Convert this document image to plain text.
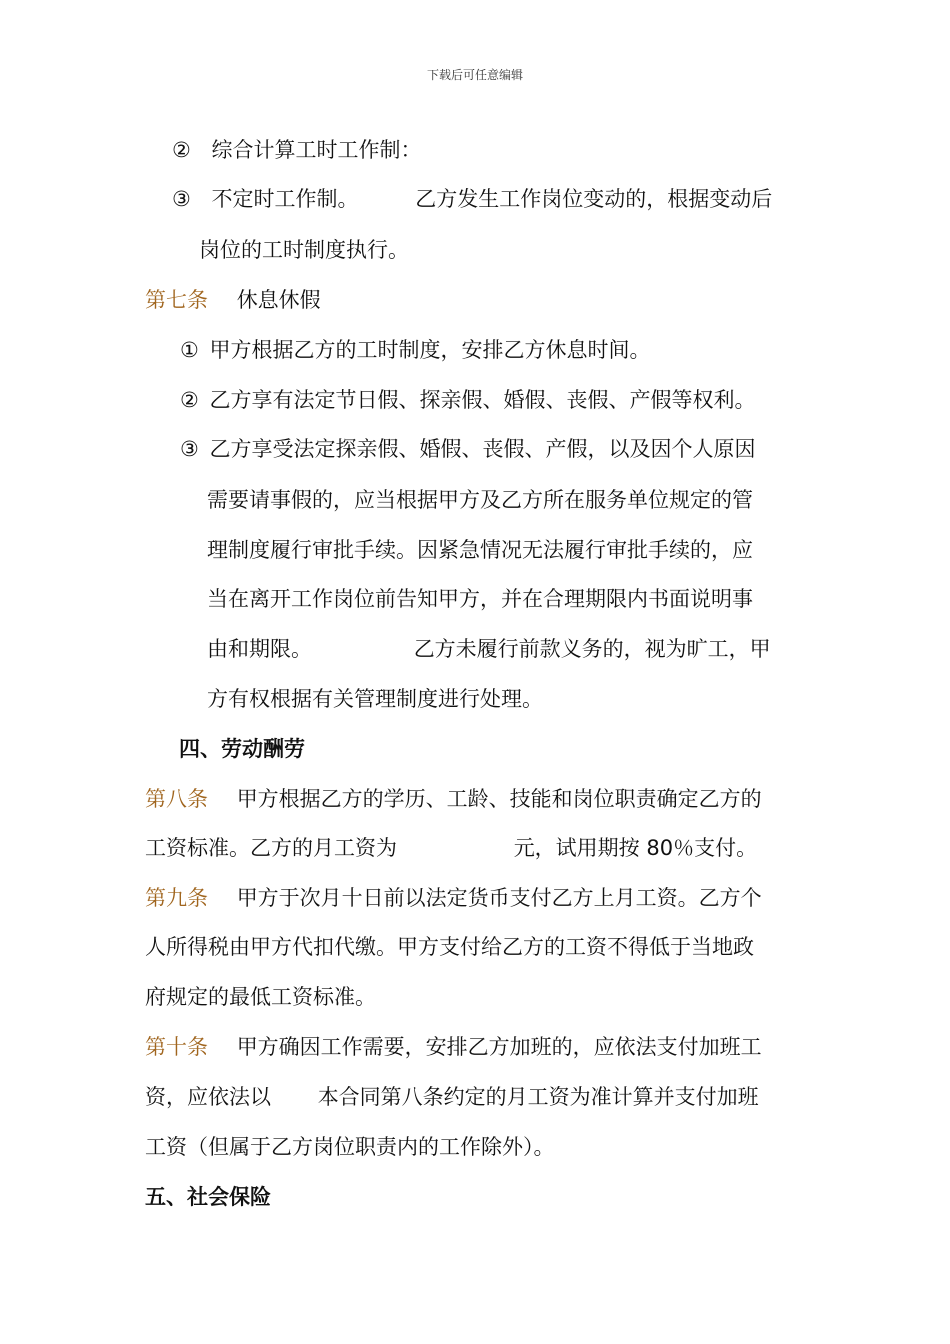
下载后可任意编辑
② 综合计算工时工作制：
③ 不定时工作制。	乙方发生工作岗位变动的，根据变动后
岗位的工时制度执行。
第七条 休息休假
① 甲方根据乙方的工时制度，安排乙方休息时间。
② 乙方享有法定节日假、探亲假、婚假、丧假、产假等权利。
③ 乙方享受法定探亲假、婚假、丧假、产假，以及因个人原因
需要请事假的，应当根据甲方及乙方所在服务单位规定的管
理制度履行审批手续。因紧急情况无法履行审批手续的，应
当在离开工作岗位前告知甲方，并在合理期限内书面说明事
由和期限。	乙方未履行前款义务的，视为旷工，甲
方有权根据有关管理制度进行处理。
四、劳动酬劳
第八条 甲方根据乙方的学历、工龄、技能和岗位职责确定乙方的
工资标准。乙方的月工资为	元，试用期按 80％支付。
第九条 甲方于次月十日前以法定货币支付乙方上月工资。乙方个
人所得税由甲方代扣代缴。甲方支付给乙方的工资不得低于当地政
府规定的最低工资标准。
第十条 甲方确因工作需要，安排乙方加班的，应依法支付加班工
资，应依法以 本合同第八条约定的月工资为准计算并支付加班
工资（但属于乙方岗位职责内的工作除外）。
五、社会保险
